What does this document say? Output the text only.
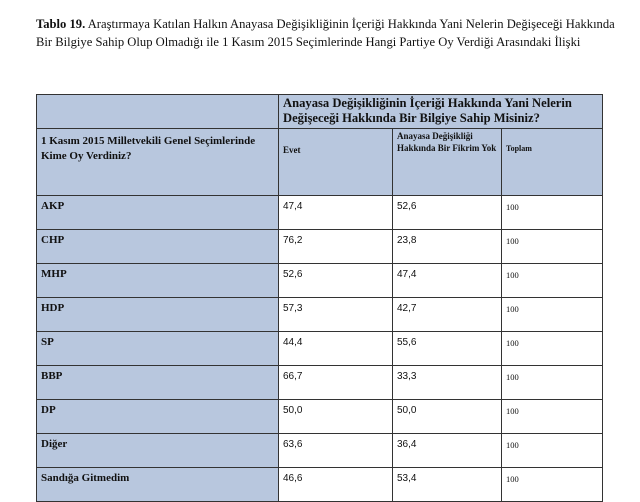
Tablo 19. Araştırmaya Katılan Halkın Anayasa Değişikliğinin İçeriği Hakkında Yani Nelerin Değişeceği Hakkında Bir Bilgiye Sahip Olup Olmadığı ile 1 Kasım 2015 Seçimlerinde Hangi Partiye Oy Verdiği Arasındaki İlişki
	Anayasa Değişikliğinin İçeriği Hakkında Yani Nelerin Değişeceği Hakkında Bir Bilgiye Sahip Misiniz?		
1 Kasım 2015 Milletvekili Genel Seçimlerinde Kime Oy Verdiniz?	Evet	Anayasa Değişikliği Hakkında Bir Fikrim Yok	Toplam
AKP	47,4	52,6	100
CHP	76,2	23,8	100
MHP	52,6	47,4	100
HDP	57,3	42,7	100
SP	44,4	55,6	100
BBP	66,7	33,3	100
DP	50,0	50,0	100
Diğer	63,6	36,4	100
Sandığa Gitmedim	46,6	53,4	100
